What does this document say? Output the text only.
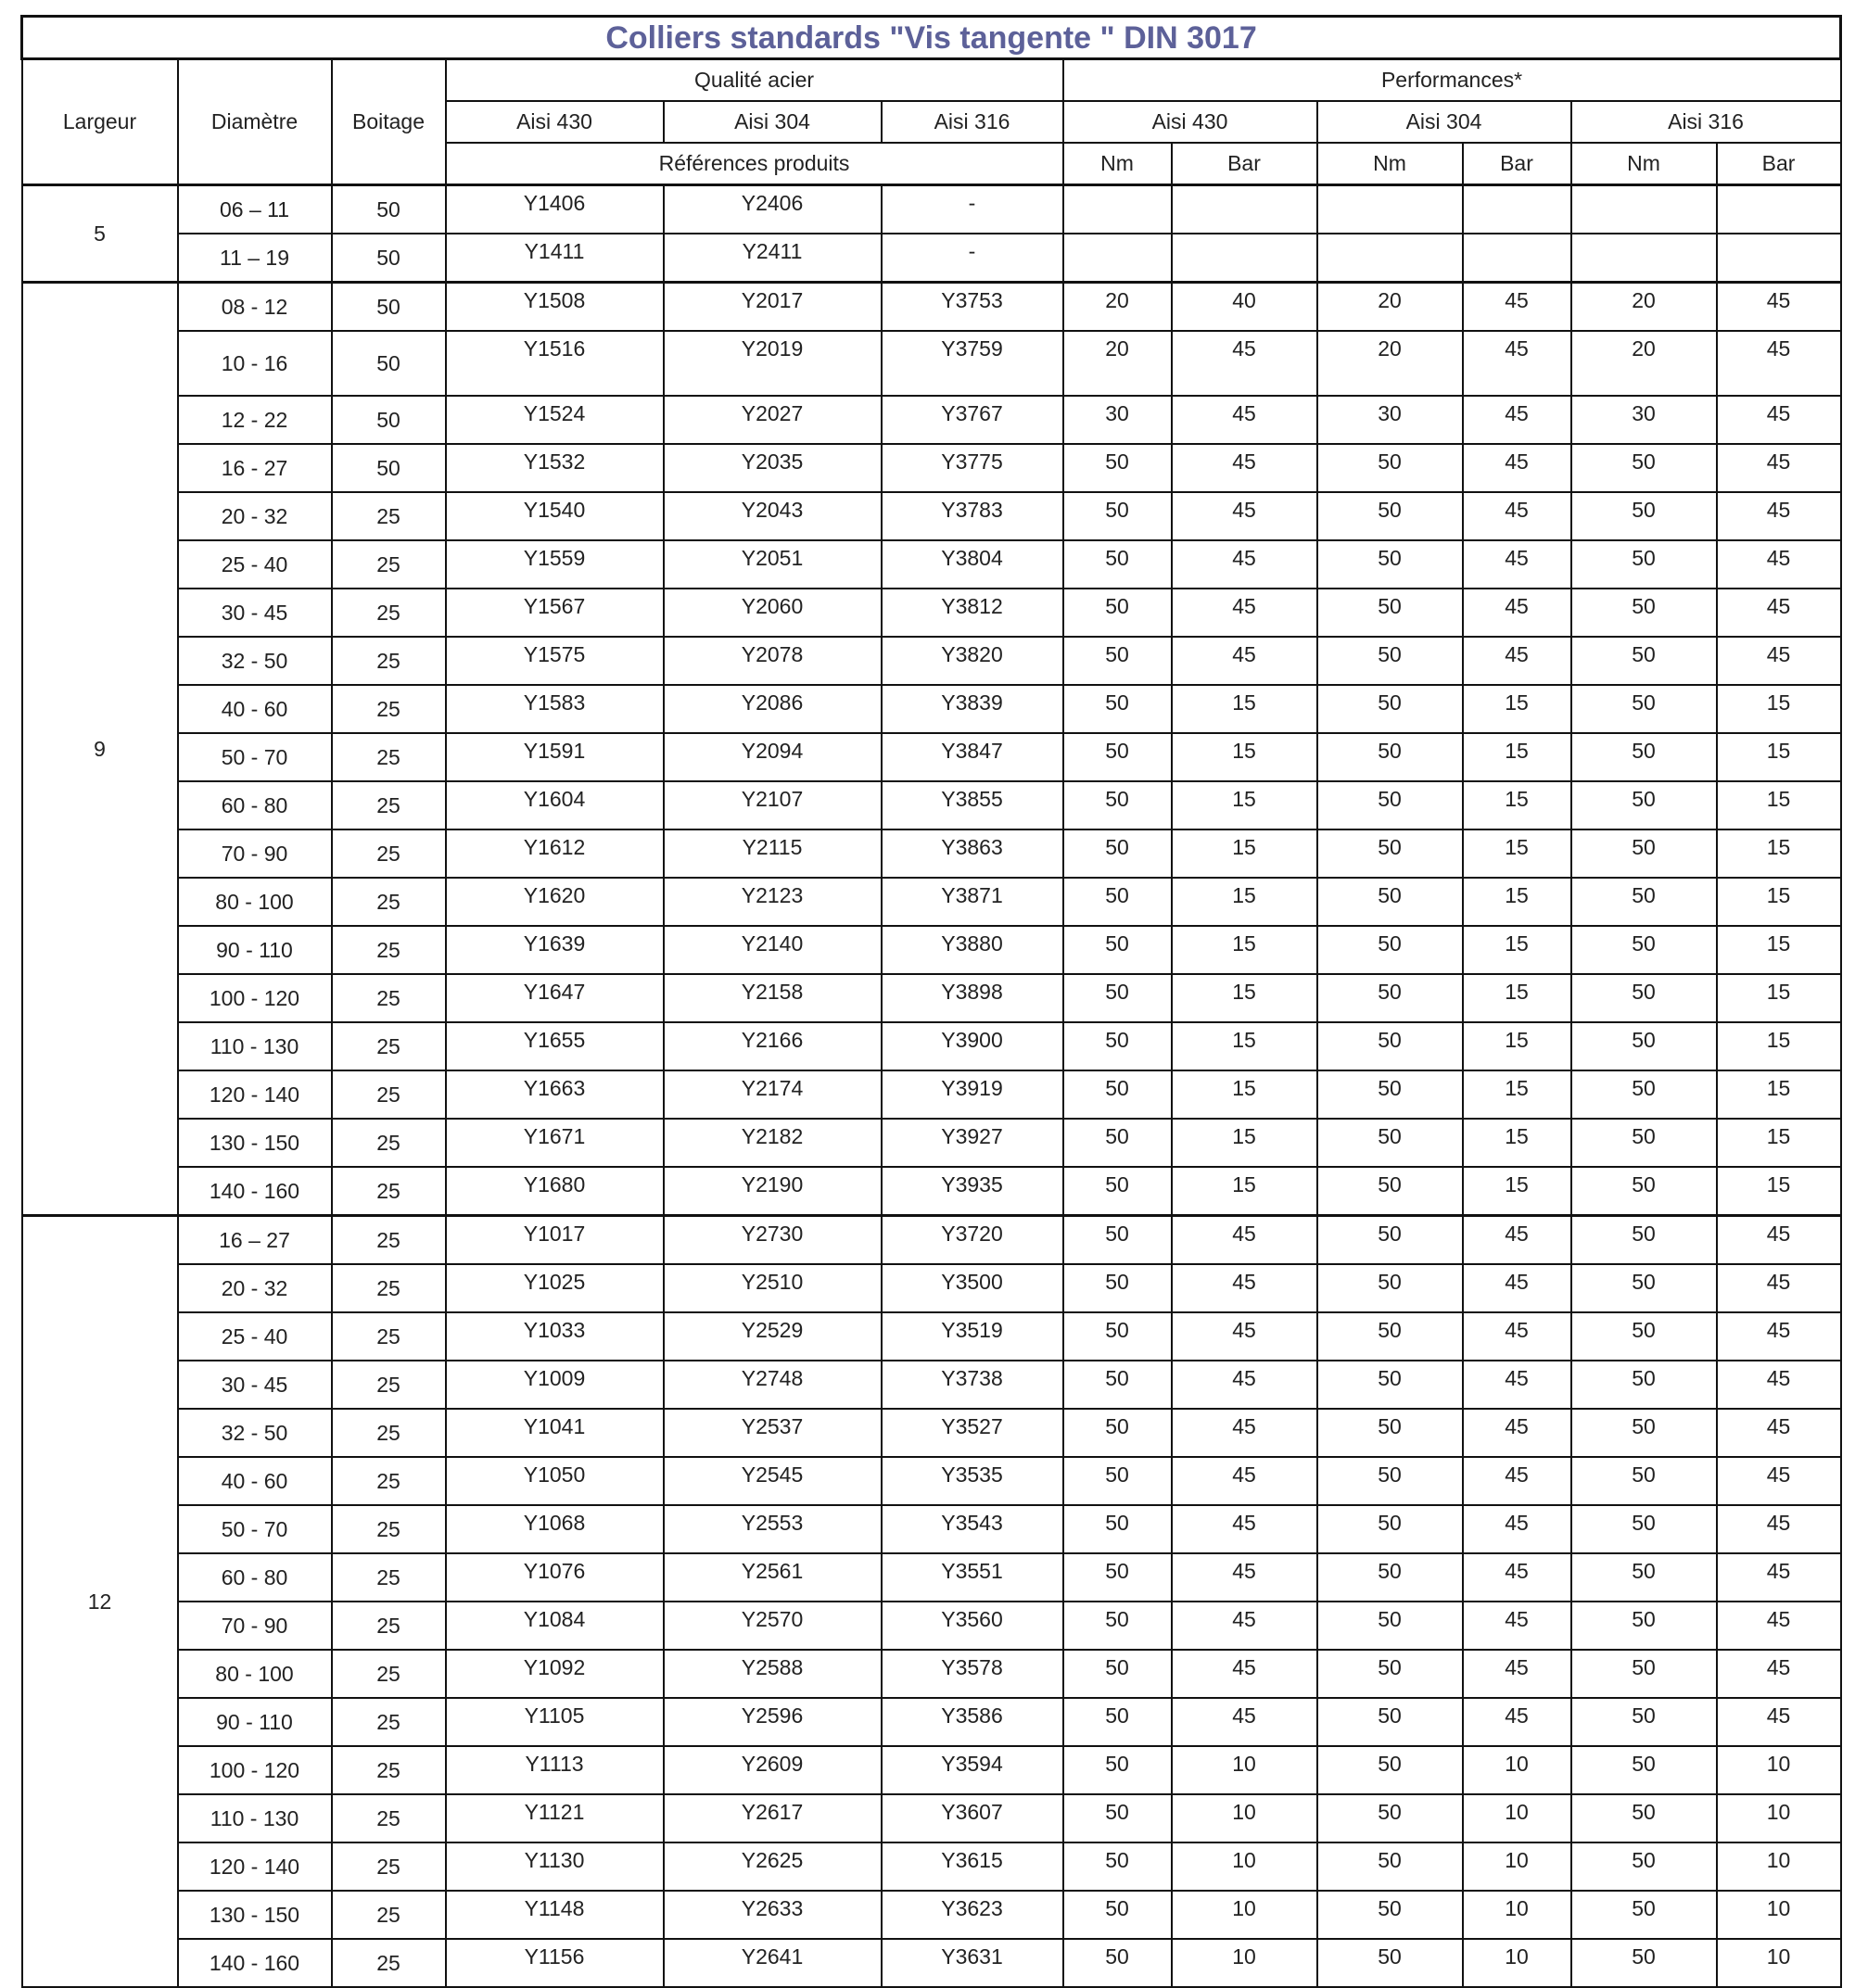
Colliers standards "Vis tangente " DIN 3017											
Largeur	Diamètre	Boitage	Qualité acier			Performances*					
			Aisi 430	Aisi 304	Aisi 316	Aisi 430		Aisi 304		Aisi 316	
			Références produits			Nm	Bar	Nm	Bar	Nm	Bar
5	06 – 11	50	Y1406	Y2406	-						
	11 – 19	50	Y1411	Y2411	-						
9	08 - 12	50	Y1508	Y2017	Y3753	20	40	20	45	20	45
	10 - 16	50	Y1516	Y2019	Y3759	20	45	20	45	20	45
	12 - 22	50	Y1524	Y2027	Y3767	30	45	30	45	30	45
	16 - 27	50	Y1532	Y2035	Y3775	50	45	50	45	50	45
	20 - 32	25	Y1540	Y2043	Y3783	50	45	50	45	50	45
	25 - 40	25	Y1559	Y2051	Y3804	50	45	50	45	50	45
	30 - 45	25	Y1567	Y2060	Y3812	50	45	50	45	50	45
	32 - 50	25	Y1575	Y2078	Y3820	50	45	50	45	50	45
	40 - 60	25	Y1583	Y2086	Y3839	50	15	50	15	50	15
	50 - 70	25	Y1591	Y2094	Y3847	50	15	50	15	50	15
	60 - 80	25	Y1604	Y2107	Y3855	50	15	50	15	50	15
	70 - 90	25	Y1612	Y2115	Y3863	50	15	50	15	50	15
	80 - 100	25	Y1620	Y2123	Y3871	50	15	50	15	50	15
	90 - 110	25	Y1639	Y2140	Y3880	50	15	50	15	50	15
	100 - 120	25	Y1647	Y2158	Y3898	50	15	50	15	50	15
	110 - 130	25	Y1655	Y2166	Y3900	50	15	50	15	50	15
	120 - 140	25	Y1663	Y2174	Y3919	50	15	50	15	50	15
	130 - 150	25	Y1671	Y2182	Y3927	50	15	50	15	50	15
	140 - 160	25	Y1680	Y2190	Y3935	50	15	50	15	50	15
12	16 – 27	25	Y1017	Y2730	Y3720	50	45	50	45	50	45
	20 - 32	25	Y1025	Y2510	Y3500	50	45	50	45	50	45
	25 - 40	25	Y1033	Y2529	Y3519	50	45	50	45	50	45
	30 - 45	25	Y1009	Y2748	Y3738	50	45	50	45	50	45
	32 - 50	25	Y1041	Y2537	Y3527	50	45	50	45	50	45
	40 - 60	25	Y1050	Y2545	Y3535	50	45	50	45	50	45
	50 - 70	25	Y1068	Y2553	Y3543	50	45	50	45	50	45
	60 - 80	25	Y1076	Y2561	Y3551	50	45	50	45	50	45
	70 - 90	25	Y1084	Y2570	Y3560	50	45	50	45	50	45
	80 - 100	25	Y1092	Y2588	Y3578	50	45	50	45	50	45
	90 - 110	25	Y1105	Y2596	Y3586	50	45	50	45	50	45
	100 - 120	25	Y1113	Y2609	Y3594	50	10	50	10	50	10
	110 - 130	25	Y1121	Y2617	Y3607	50	10	50	10	50	10
	120 - 140	25	Y1130	Y2625	Y3615	50	10	50	10	50	10
	130 - 150	25	Y1148	Y2633	Y3623	50	10	50	10	50	10
	140 - 160	25	Y1156	Y2641	Y3631	50	10	50	10	50	10
